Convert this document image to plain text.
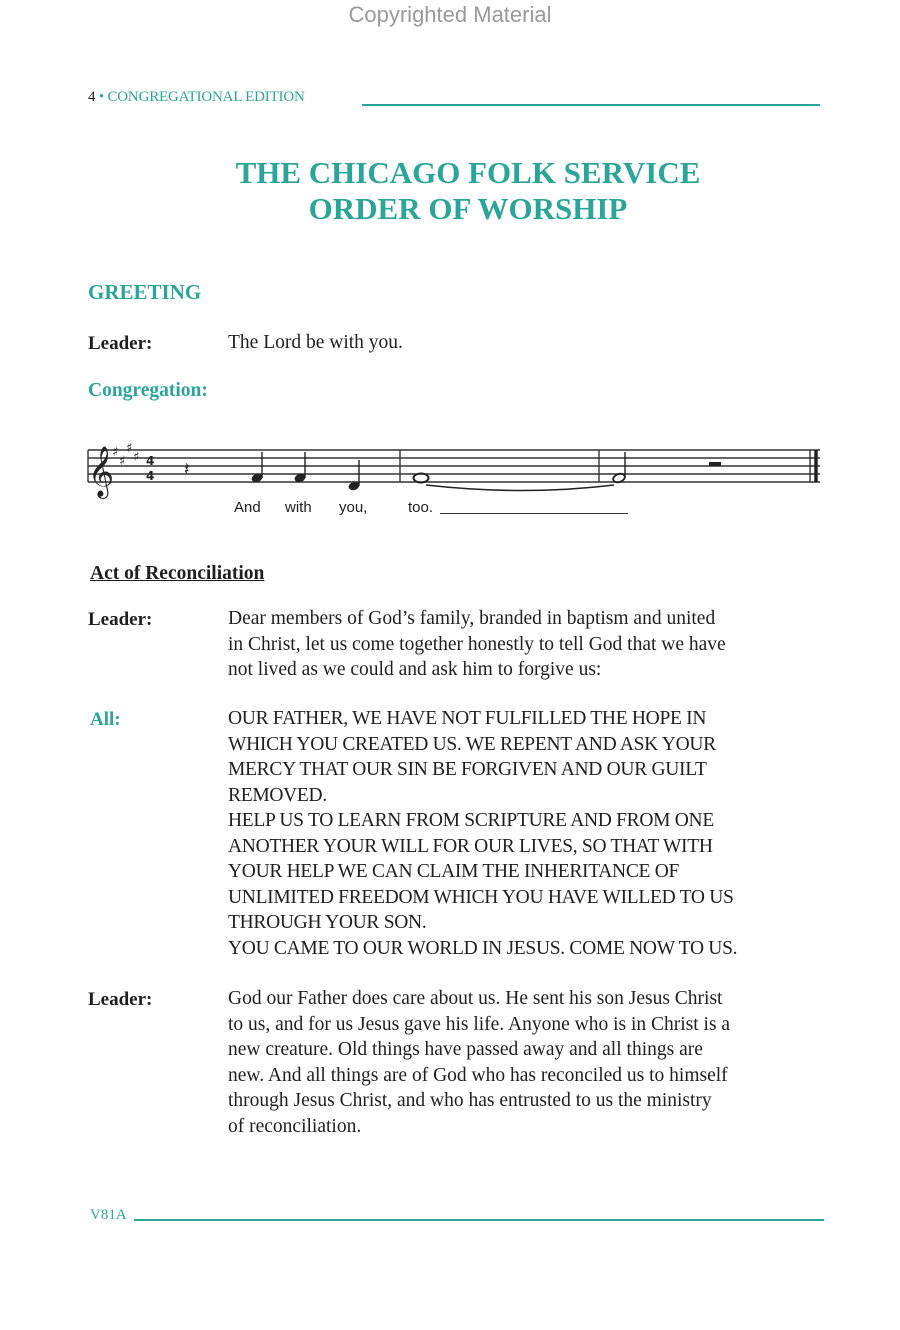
Copyrighted Material
4 • CONGREGATIONAL EDITION
THE CHICAGO FOLK SERVICE
ORDER OF WORSHIP
GREETING
Leader:	The Lord be with you.
Congregation:
𝄞
♯
♯
♯
♯ 4
4 𝄽
And with you,	too.
Act of Reconciliation
Leader:	Dear members of God’s family, branded in baptism and united
in Christ, let us come together honestly to tell God that we have
not lived as we could and ask him to forgive us:
All:	OUR FATHER, WE HAVE NOT FULFILLED THE HOPE IN
WHICH YOU CREATED US. WE REPENT AND ASK YOUR
MERCY THAT OUR SIN BE FORGIVEN AND OUR GUILT
REMOVED.
HELP US TO LEARN FROM SCRIPTURE AND FROM ONE
ANOTHER YOUR WILL FOR OUR LIVES, SO THAT WITH
YOUR HELP WE CAN CLAIM THE INHERITANCE OF
UNLIMITED FREEDOM WHICH YOU HAVE WILLED TO US
THROUGH YOUR SON.
YOU CAME TO OUR WORLD IN JESUS. COME NOW TO US.
Leader:	God our Father does care about us. He sent his son Jesus Christ
to us, and for us Jesus gave his life. Anyone who is in Christ is a
new creature. Old things have passed away and all things are
new. And all things are of God who has reconciled us to himself
through Jesus Christ, and who has entrusted to us the ministry
of reconciliation.
V81A
